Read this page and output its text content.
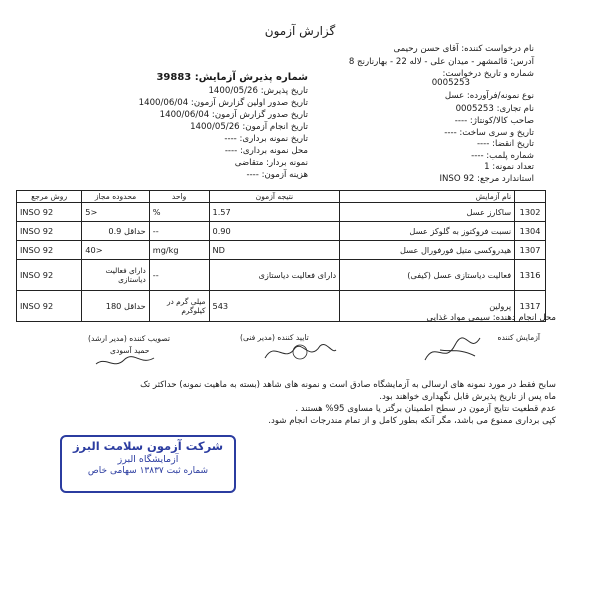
گزارش آزمون
نام درخواست کننده: آقای حسن رحیمی
آدرس: قائمشهر - میدان علی - لاله 22 - بهارنارنج 8
شماره و تاریخ درخواست:
0005253
نوع نمونه/فرآورده: عسل
نام تجاری: 0005253
صاحب کالا/کونتاژ: ----
تاریخ و سری ساخت: ----
تاریخ انقضا: ----
شماره پلمب: ----
تعداد نمونه: 1
استاندارد مرجع: INSO 92
شماره پذیرش آزمایش: 39883
تاریخ پذیرش: 1400/05/26
تاریخ صدور اولین گزارش آزمون: 1400/06/04
تاریخ صدور گزارش آزمون: 1400/06/04
تاریخ انجام آزمون: 1400/05/26
تاریخ نمونه برداری: ----
محل نمونه برداری: ----
نمونه بردار: متقاضی
هزینه آزمون: ----
	نام آزمایش	نتیجه آزمون	واحد	محدوده مجاز	روش مرجع
1302	ساکارز عسل	1.57	%	5>	INSO 92
1304	نسبت فروکتوز به گلوکز عسل	0.90	--	حداقل 0.9	INSO 92
1307	هیدروکسی متیل فورفورال عسل	ND	mg/kg	40>	INSO 92
1316	فعالیت دیاستازی عسل (کیفی)	دارای فعالیت دیاستازی	--	دارای فعالیت دیاستازی	INSO 92
1317	پرولین	543	میلی گرم در کیلوگرم	حداقل 180	INSO 92
محل انجام دهنده: سیمی مواد غذایی
آزمایش کننده
تایید کننده (مدیر فنی)
تصویب کننده (مدیر ارشد)
حمید آسودی
سابح فقط در مورد نمونه های ارسالی به آزمایشگاه صادق است و نمونه های شاهد (بسته به ماهیت نمونه) حداکثر تک
ماه پس از تاریخ پذیرش قابل نگهداری خواهند بود.
عدم قطعیت نتایج آزمون در سطح اطمینان برگتر یا مساوی 95% هستند .
کپی برداری ممنوع می باشد، مگر آنکه بطور کامل و از تمام مندرجات انجام شود.
شرکت آزمون سلامت البرز
آزمایشگاه البرز
شماره ثبت ۱۳۸۳۷ سهامی خاص
